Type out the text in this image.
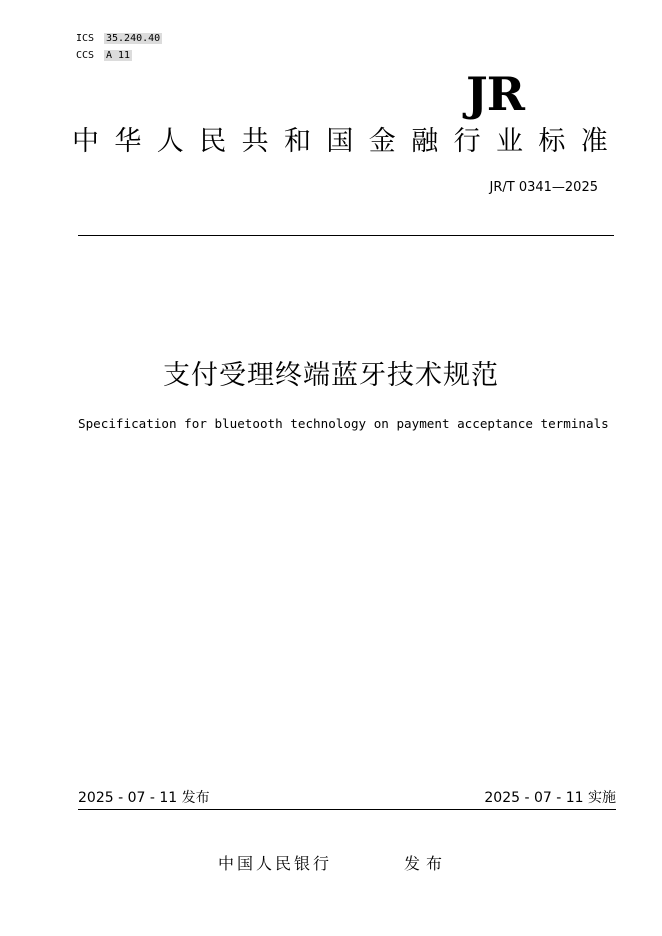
ICS 35.240.40
CCS A 11
JR
中华人民共和国金融行业标准
JR/T 0341—2025
支付受理终端蓝牙技术规范
Specification for bluetooth technology on payment acceptance terminals
2025 - 07 - 11 发布	2025 - 07 - 11 实施
中国人民银行	发布
